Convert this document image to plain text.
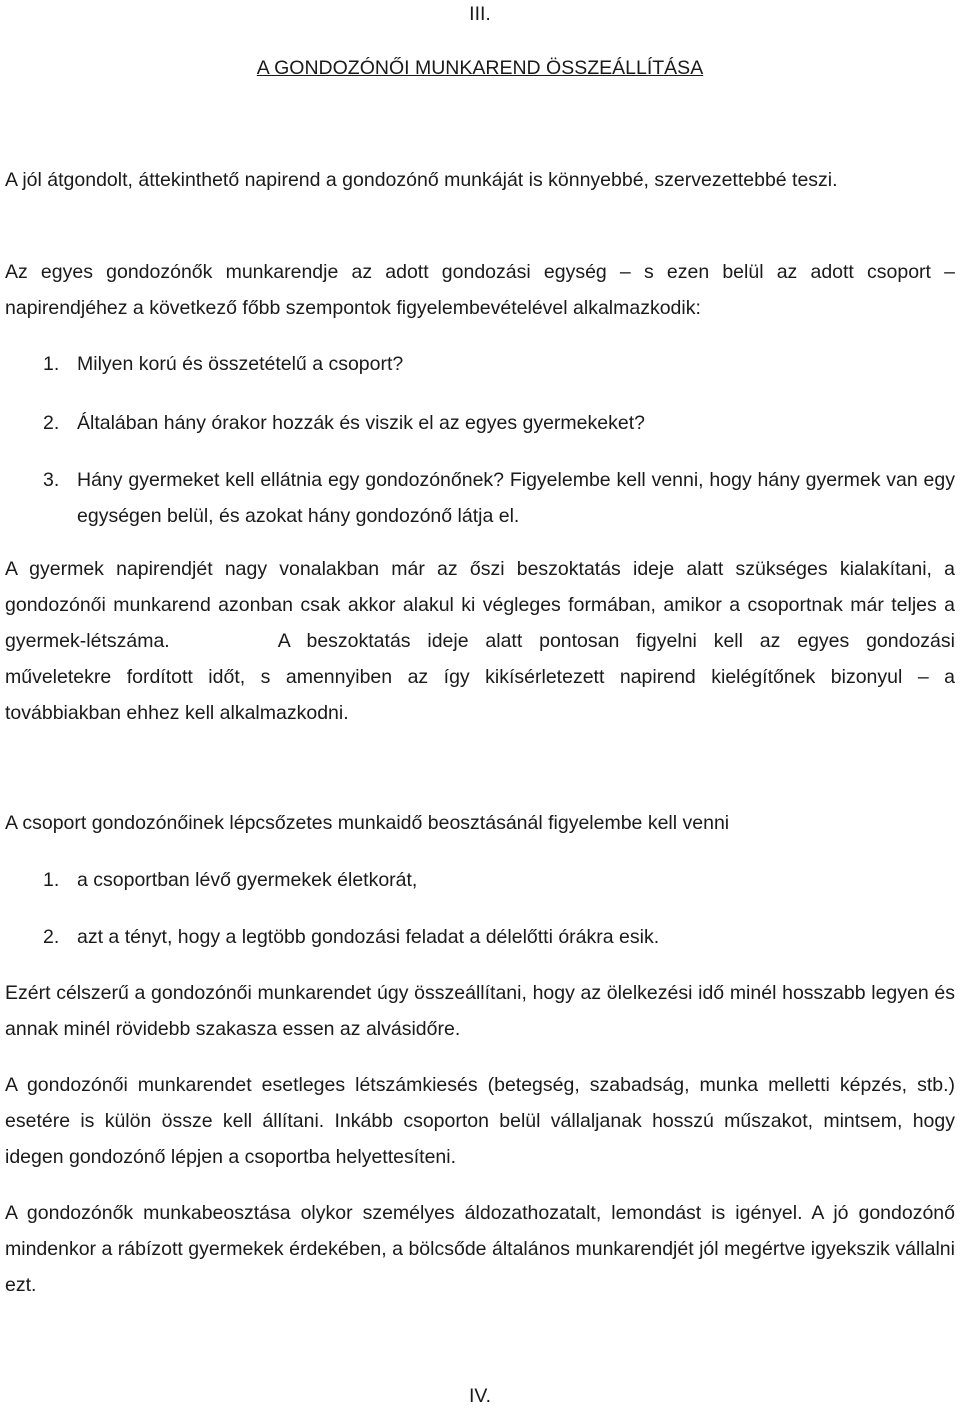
III.

A GONDOZÓNŐI MUNKAREND ÖSSZEÁLLÍTÁSA

A jól átgondolt, áttekinthető napirend a gondozónő munkáját is könnyebbé, szervezettebbé teszi.

Az egyes gondozónők munkarendje az adott gondozási egység – s ezen belül az adott csoport – napirendjéhez a következő főbb szempontok figyelembevételével alkalmazkodik:

1. Milyen korú és összetételű a csoport?
2. Általában hány órakor hozzák és viszik el az egyes gyermekeket?
3. Hány gyermeket kell ellátnia egy gondozónőnek? Figyelembe kell venni, hogy hány gyermek van egy egységen belül, és azokat hány gondozónő látja el.

A gyermek napirendjét nagy vonalakban már az őszi beszoktatás ideje alatt szükséges kialakítani, a gondozónői munkarend azonban csak akkor alakul ki végleges formában, amikor a csoportnak már teljes a gyermek-létszáma.	A beszoktatás ideje alatt pontosan figyelni kell az egyes gondozási műveletekre fordított időt, s amennyiben az így kikísérletezett napirend kielégítőnek bizonyul – a továbbiakban ehhez kell alkalmazkodni.

A csoport gondozónőinek lépcsőzetes munkaidő beosztásánál figyelembe kell venni

1. a csoportban lévő gyermekek életkorát,
2. azt a tényt, hogy a legtöbb gondozási feladat a délelőtti órákra esik.

Ezért célszerű a gondozónői munkarendet úgy összeállítani, hogy az ölelkezési idő minél hosszabb legyen és annak minél rövidebb szakasza essen az alvásidőre.

A gondozónői munkarendet esetleges létszámkiesés (betegség, szabadság, munka melletti képzés, stb.) esetére is külön össze kell állítani. Inkább csoporton belül vállaljanak hosszú műszakot, mintsem, hogy idegen gondozónő lépjen a csoportba helyettesíteni.

A gondozónők munkabeosztása olykor személyes áldozathozatalt, lemondást is igényel. A jó gondozónő mindenkor a rábízott gyermekek érdekében, a bölcsőde általános munkarendjét jól megértve igyekszik vállalni ezt.

IV.
